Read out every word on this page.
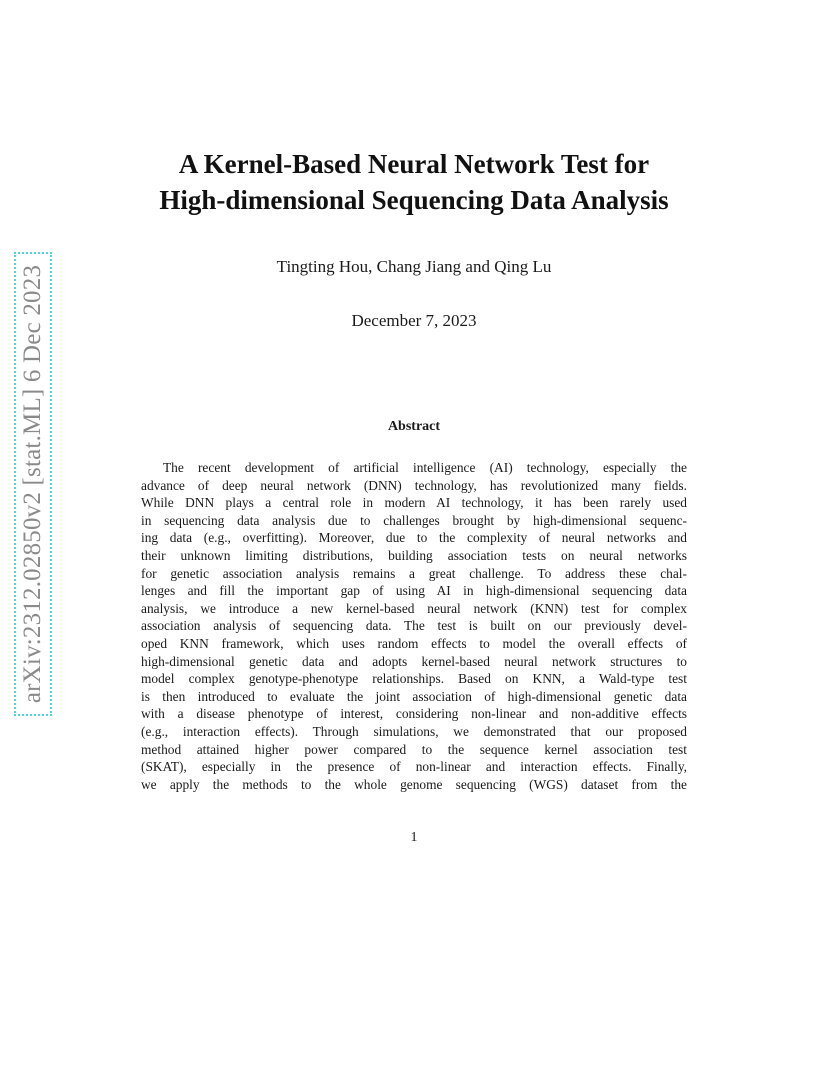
arXiv:2312.02850v2 [stat.ML] 6 Dec 2023
A Kernel-Based Neural Network Test for
High-dimensional Sequencing Data Analysis
Tingting Hou, Chang Jiang and Qing Lu
December 7, 2023
Abstract
The recent development of artificial intelligence (AI) technology, especially the
advance of deep neural network (DNN) technology, has revolutionized many fields.
While DNN plays a central role in modern AI technology, it has been rarely used
in sequencing data analysis due to challenges brought by high-dimensional sequenc-
ing data (e.g., overfitting). Moreover, due to the complexity of neural networks and
their unknown limiting distributions, building association tests on neural networks
for genetic association analysis remains a great challenge. To address these chal-
lenges and fill the important gap of using AI in high-dimensional sequencing data
analysis, we introduce a new kernel-based neural network (KNN) test for complex
association analysis of sequencing data. The test is built on our previously devel-
oped KNN framework, which uses random effects to model the overall effects of
high-dimensional genetic data and adopts kernel-based neural network structures to
model complex genotype-phenotype relationships. Based on KNN, a Wald-type test
is then introduced to evaluate the joint association of high-dimensional genetic data
with a disease phenotype of interest, considering non-linear and non-additive effects
(e.g., interaction effects). Through simulations, we demonstrated that our proposed
method attained higher power compared to the sequence kernel association test
(SKAT), especially in the presence of non-linear and interaction effects. Finally,
we apply the methods to the whole genome sequencing (WGS) dataset from the
1
